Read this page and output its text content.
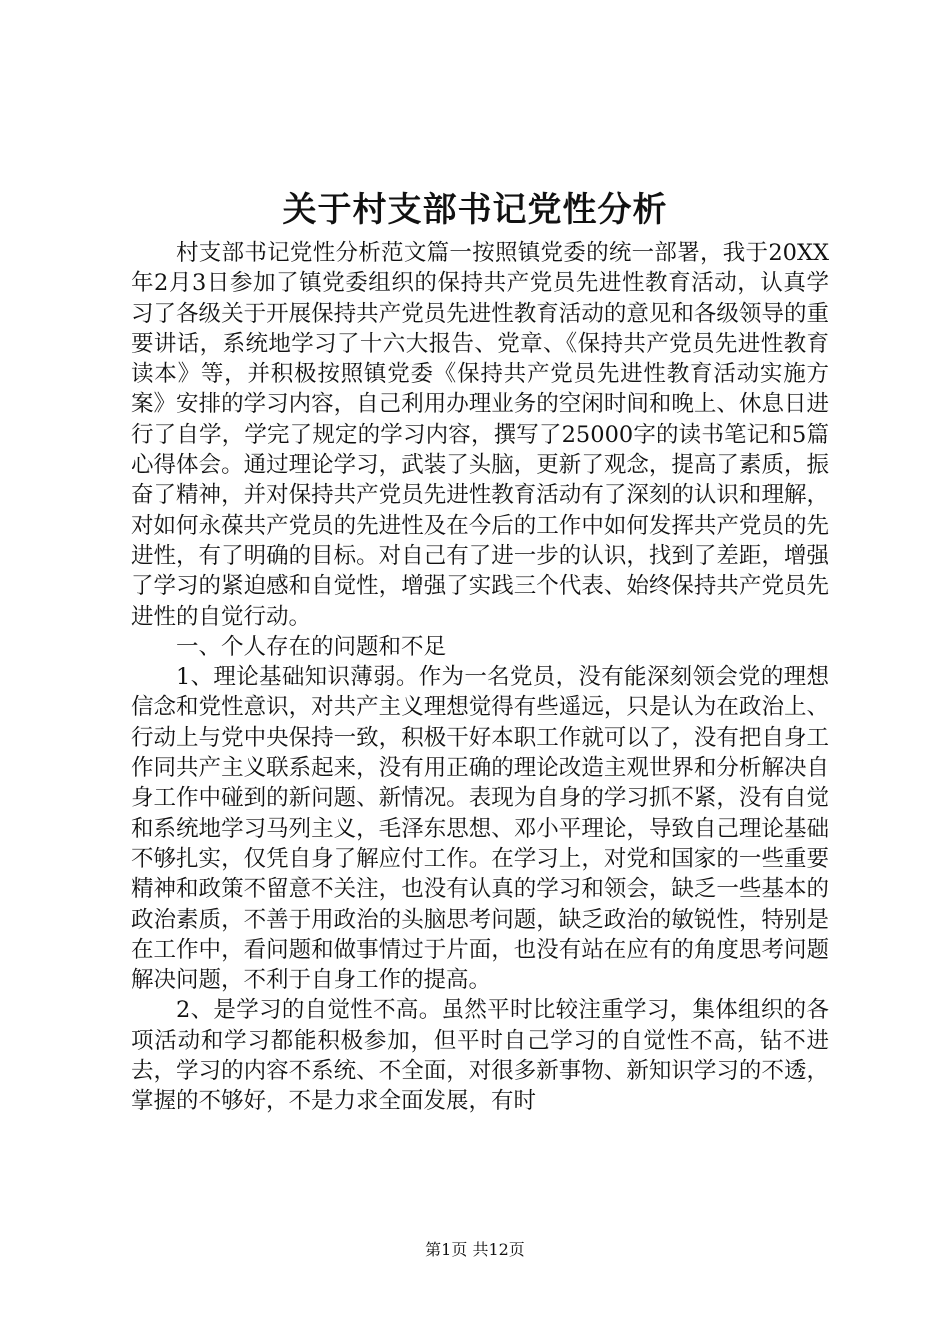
关于村支部书记党性分析

村支部书记党性分析范文篇一按照镇党委的统一部署，我于20XX年2月3日参加了镇党委组织的保持共产党员先进性教育活动，认真学习了各级关于开展保持共产党员先进性教育活动的意见和各级领导的重要讲话，系统地学习了十六大报告、党章、《保持共产党员先进性教育读本》等，并积极按照镇党委《保持共产党员先进性教育活动实施方案》安排的学习内容，自己利用办理业务的空闲时间和晚上、休息日进行了自学，学完了规定的学习内容，撰写了25000字的读书笔记和5篇心得体会。通过理论学习，武装了头脑，更新了观念，提高了素质，振奋了精神，并对保持共产党员先进性教育活动有了深刻的认识和理解，对如何永葆共产党员的先进性及在今后的工作中如何发挥共产党员的先进性，有了明确的目标。对自己有了进一步的认识，找到了差距，增强了学习的紧迫感和自觉性，增强了实践三个代表、始终保持共产党员先进性的自觉行动。

一、个人存在的问题和不足

1、理论基础知识薄弱。作为一名党员，没有能深刻领会党的理想信念和党性意识，对共产主义理想觉得有些遥远，只是认为在政治上、行动上与党中央保持一致，积极干好本职工作就可以了，没有把自身工作同共产主义联系起来，没有用正确的理论改造主观世界和分析解决自身工作中碰到的新问题、新情况。表现为自身的学习抓不紧，没有自觉和系统地学习马列主义，毛泽东思想、邓小平理论，导致自己理论基础不够扎实，仅凭自身了解应付工作。在学习上，对党和国家的一些重要精神和政策不留意不关注，也没有认真的学习和领会，缺乏一些基本的政治素质，不善于用政治的头脑思考问题，缺乏政治的敏锐性，特别是在工作中，看问题和做事情过于片面，也没有站在应有的角度思考问题解决问题，不利于自身工作的提高。

2、是学习的自觉性不高。虽然平时比较注重学习，集体组织的各项活动和学习都能积极参加，但平时自己学习的自觉性不高，钻不进去，学习的内容不系统、不全面，对很多新事物、新知识学习的不透，掌握的不够好，不是力求全面发展，有时

第1页 共12页
